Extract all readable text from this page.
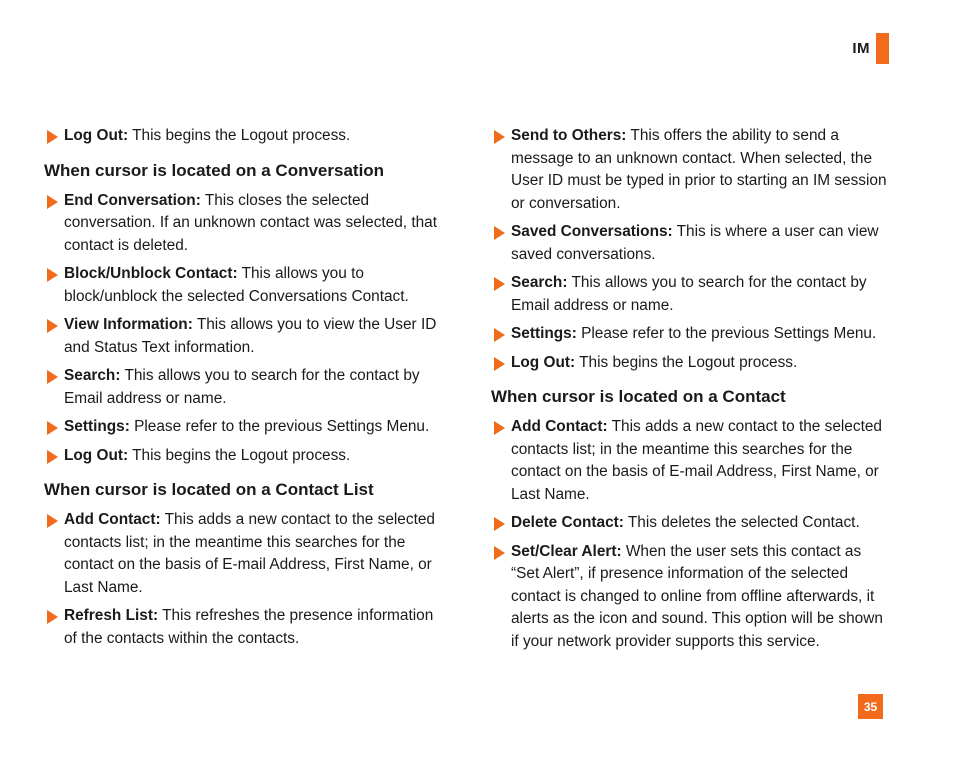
IM
Log Out: This begins the Logout process.
When cursor is located on a Conversation
End Conversation: This closes the selected conversation. If an unknown contact was selected, that contact is deleted.
Block/Unblock Contact: This allows you to block/unblock the selected Conversations Contact.
View Information: This allows you to view the User ID and Status Text information.
Search: This allows you to search for the contact by Email address or name.
Settings: Please refer to the previous Settings Menu.
Log Out: This begins the Logout process.
When cursor is located on a Contact List
Add Contact: This adds a new contact to the selected contacts list; in the meantime this searches for the contact on the basis of E-mail Address, First Name, or Last Name.
Refresh List: This refreshes the presence information of the contacts within the contacts.
Send to Others: This offers the ability to send a message to an unknown contact. When selected, the User ID must be typed in prior to starting an IM session or conversation.
Saved Conversations: This is where a user can view saved conversations.
Search: This allows you to search for the contact by Email address or name.
Settings: Please refer to the previous Settings Menu.
Log Out: This begins the Logout process.
When cursor is located on a Contact
Add Contact: This adds a new contact to the selected contacts list; in the meantime this searches for the contact on the basis of E-mail Address, First Name, or Last Name.
Delete Contact: This deletes the selected Contact.
Set/Clear Alert: When the user sets this contact as “Set Alert”, if presence information of the selected contact is changed to online from offline afterwards, it alerts as the icon and sound. This option will be shown if your network provider supports this service.
35
